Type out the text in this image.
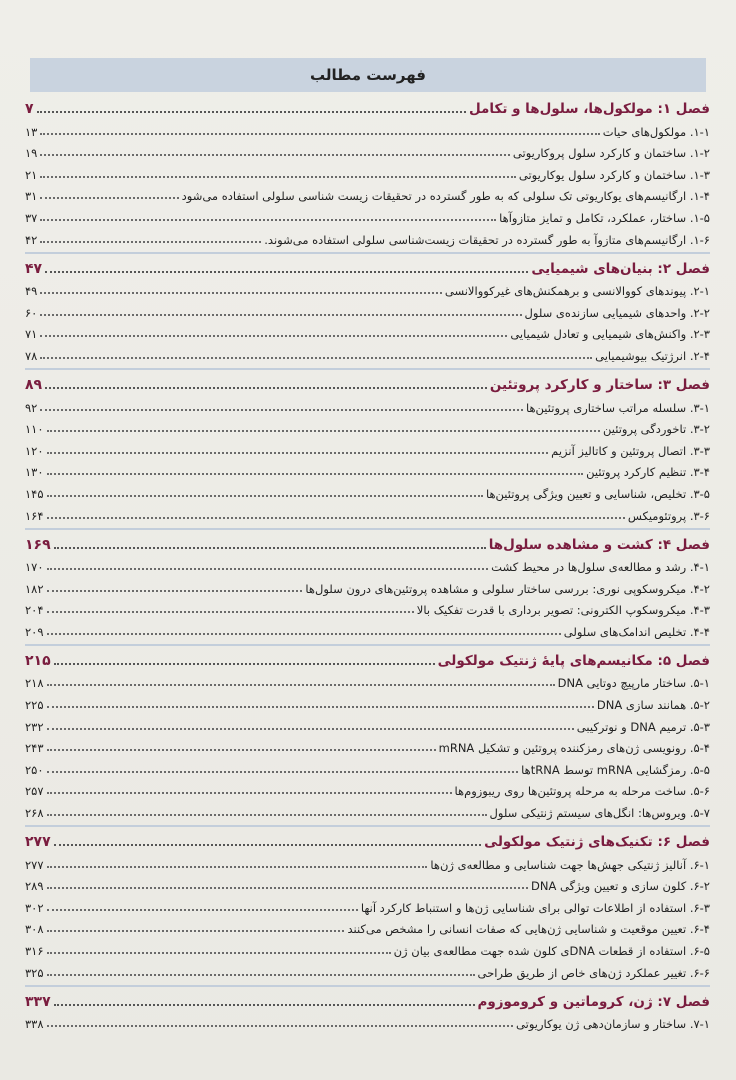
فهرست مطالب
فصل ۱: مولکول‌ها، سلول‌ها و تکامل
۷
۱-۱. مولکول‌های حیات
۱۳
۱-۲. ساختمان و کارکرد سلول پروکاریوتی
۱۹
۱-۳. ساختمان و کارکرد سلول یوکاریوتی
۲۱
۱-۴. ارگانیسم‌های یوکاریوتی تک سلولی که به طور گسترده در تحقیقات زیست شناسی سلولی استفاده می‌شود
۳۱
۱-۵. ساختار، عملکرد، تکامل و تمایز متازوآها
۳۷
۱-۶. ارگانیسم‌های متازوآ به طور گسترده در تحقیقات زیست‌شناسی سلولی استفاده می‌شوند.
۴۲
فصل ۲: بنیان‌های شیمیایی
۴۷
۲-۱. پیوندهای کووالانسی و برهمکنش‌های غیرکووالانسی
۴۹
۲-۲. واحدهای شیمیایی سازنده‌ی سلول
۶۰
۲-۳. واکنش‌های شیمیایی و تعادل شیمیایی
۷۱
۲-۴. انرژتیک بیوشیمیایی
۷۸
فصل ۳: ساختار و کارکرد پروتئین
۸۹
۳-۱. سلسله مراتب ساختاری پروتئین‌ها
۹۲
۳-۲. تاخوردگی پروتئین
۱۱۰
۳-۳. اتصال پروتئین و کاتالیز آنزیم
۱۲۰
۳-۴. تنظیم کارکرد پروتئین
۱۳۰
۳-۵. تخلیص، شناسایی و تعیین ویژگی پروتئین‌ها
۱۴۵
۳-۶. پروتئومیکس
۱۶۴
فصل ۴: کشت و مشاهده سلول‌ها
۱۶۹
۴-۱. رشد و مطالعه‌ی سلول‌ها در محیط کشت
۱۷۰
۴-۲. میکروسکوپی نوری: بررسی ساختار سلولی و مشاهده پروتئین‌های درون سلول‌ها
۱۸۲
۴-۳. میکروسکوپ الکترونی: تصویر برداری با قدرت تفکیک بالا
۲۰۴
۴-۴. تخلیص اندامک‌های سلولی
۲۰۹
فصل ۵: مکانیسم‌های پایهٔ ژنتیک مولکولی
۲۱۵
۵-۱. ساختار مارپیچ دوتایی DNA
۲۱۸
۵-۲. همانند سازی DNA
۲۲۵
۵-۳. ترمیم DNA و نوترکیبی
۲۳۲
۵-۴. رونویسی ژن‌های رمزکننده پروتئین و تشکیل mRNA
۲۴۳
۵-۵. رمزگشایی mRNA توسط tRNAها
۲۵۰
۵-۶. ساخت مرحله به مرحله پروتئین‌ها روی ریبوزوم‌ها
۲۵۷
۵-۷. ویروس‌ها: انگل‌های سیستم ژنتیکی سلول
۲۶۸
فصل ۶: تکنیک‌های ژنتیک مولکولی
۲۷۷
۶-۱. آنالیز ژنتیکی جهش‌ها جهت شناسایی و مطالعه‌ی ژن‌ها
۲۷۷
۶-۲. کلون سازی و تعیین ویژگی DNA
۲۸۹
۶-۳. استفاده از اطلاعات توالی برای شناسایی ژن‌ها و استنباط کارکرد آنها
۳۰۲
۶-۴. تعیین موقعیت و شناسایی ژن‌هایی که صفات انسانی را مشخص می‌کنند
۳۰۸
۶-۵. استفاده از قطعات DNAی کلون شده جهت مطالعه‌ی بیان ژن
۳۱۶
۶-۶. تغییر عملکرد ژن‌های خاص از طریق طراحی
۳۲۵
فصل ۷: ژن، کروماتین و کروموزوم
۳۳۷
۷-۱. ساختار و سازمان‌دهی ژن یوکاریوتی
۳۳۸
